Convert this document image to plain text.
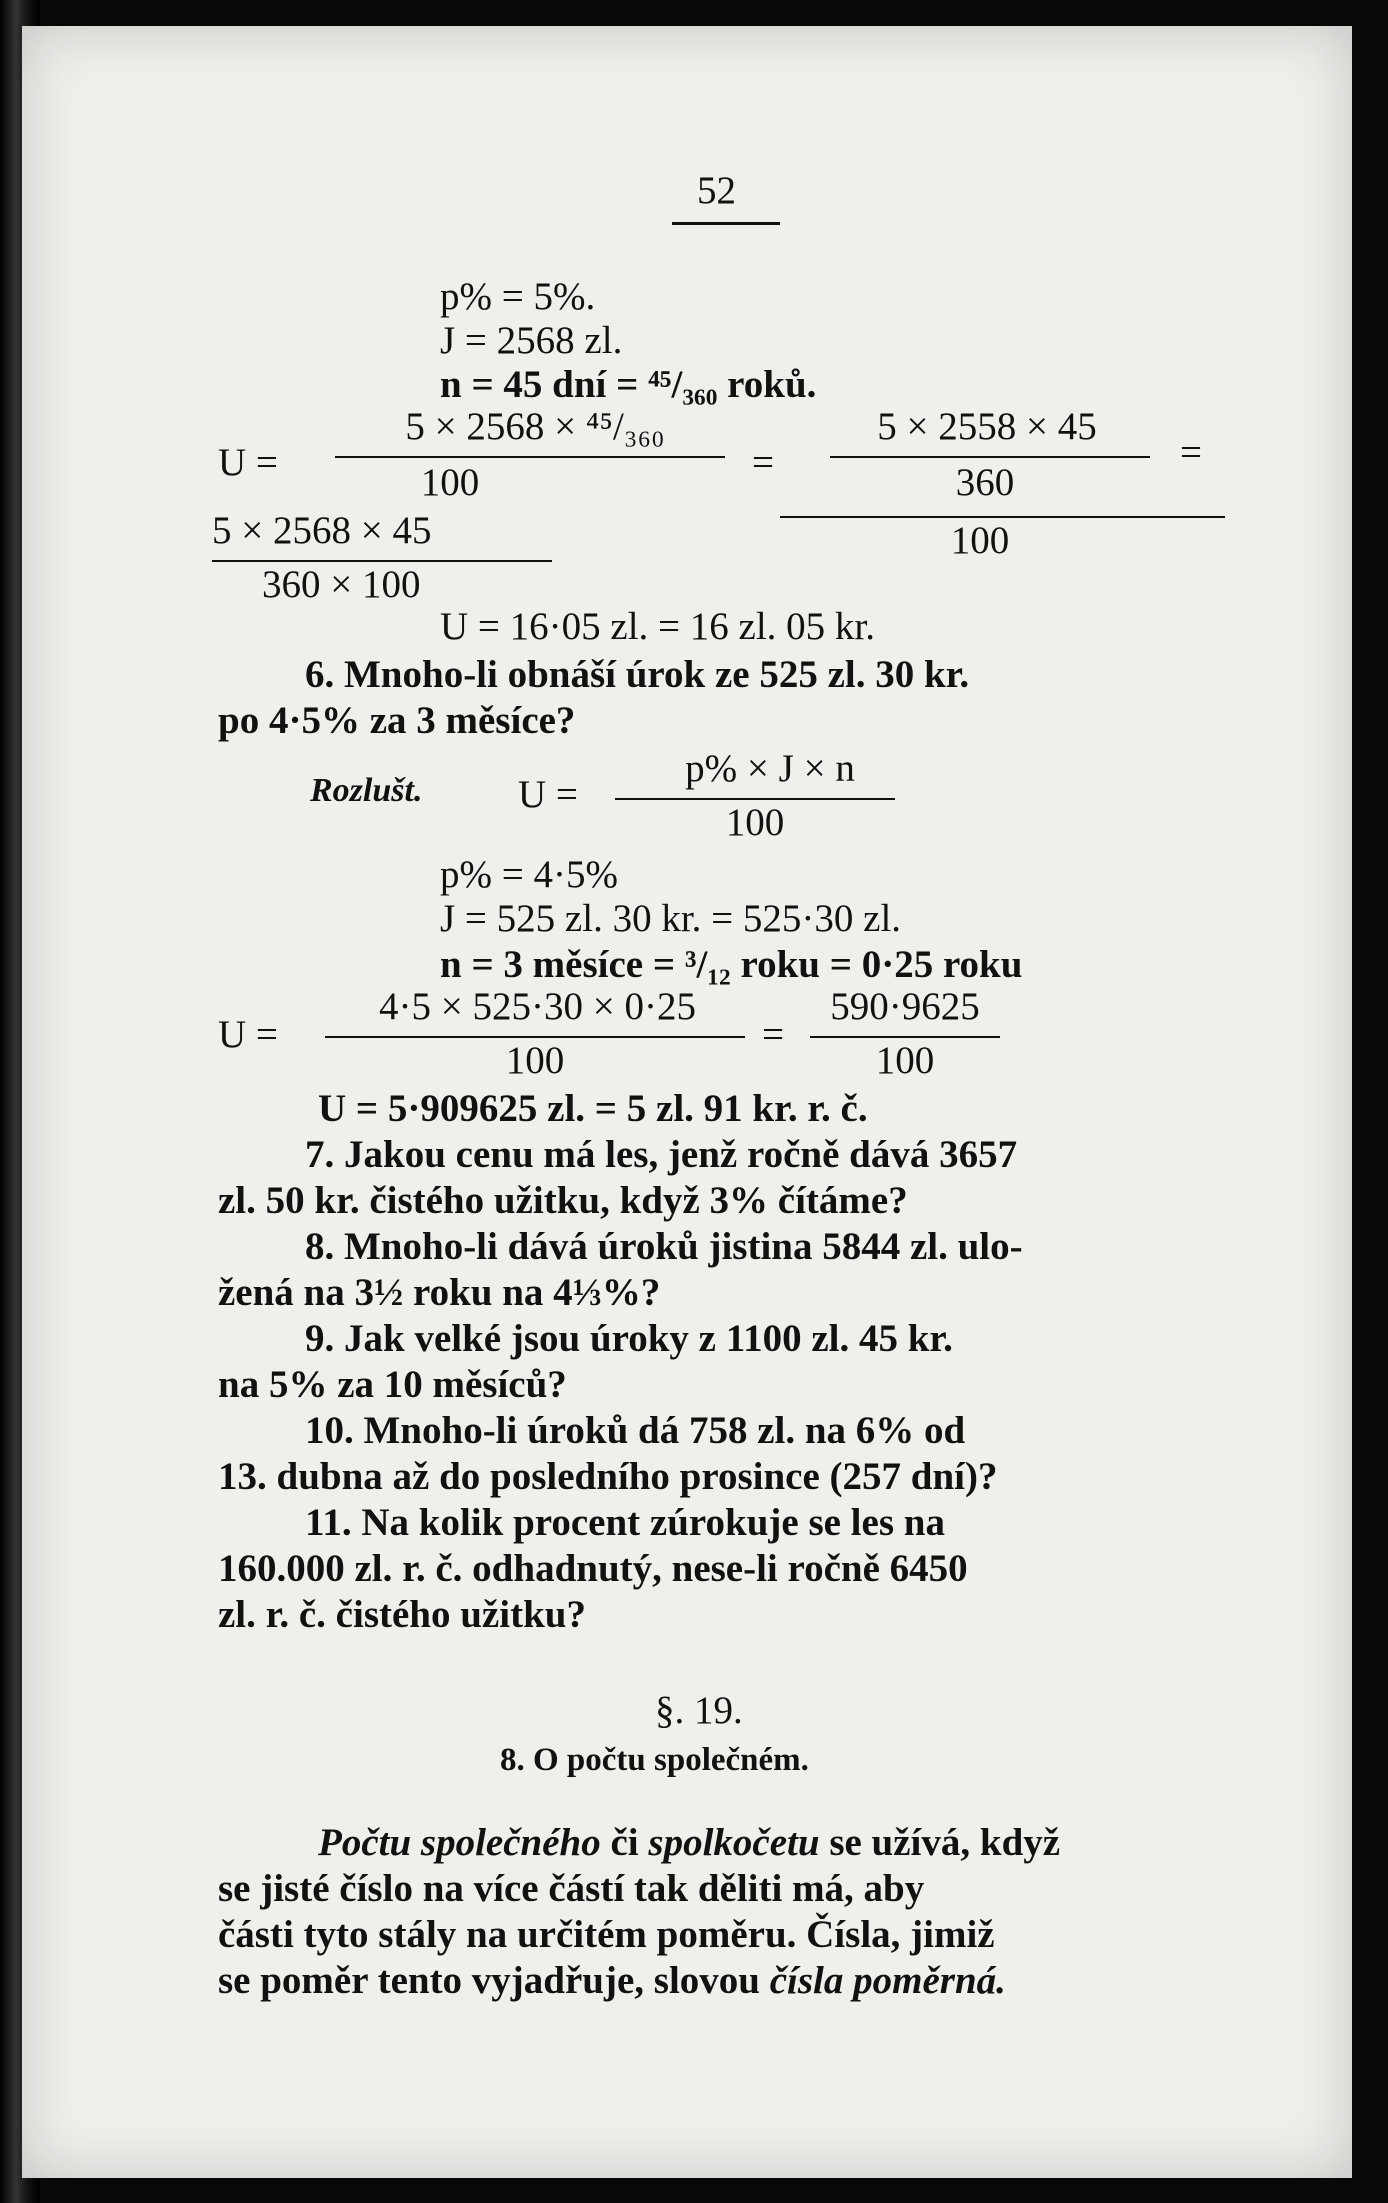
52
p% = 5%.
J = 2568 zl.
n = 45 dní = ⁴⁵/₃₆₀ roků.
U =
5 × 2568 × ⁴⁵/₃₆₀
100	=
5 × 2558 × 45
360
=
5 × 2568 × 45
360 × 100
100
U = 16·05 zl. = 16 zl. 05 kr.
6. Mnoho-li obnáší úrok ze 525 zl. 30 kr.
po 4·5% za 3 měsíce?
Rozlušt. U =
p% × J × n
100
p% = 4·5%
J = 525 zl. 30 kr. = 525·30 zl.
n = 3 měsíce = ³/₁₂ roku = 0·25 roku
U =
4·5 × 525·30 × 0·25
100
=
590·9625
100
U = 5·909625 zl. = 5 zl. 91 kr. r. č.
7. Jakou cenu má les, jenž ročně dává 3657
zl. 50 kr. čistého užitku, když 3% čítáme?
8. Mnoho-li dává úroků jistina 5844 zl. ulo-
žená na 3½ roku na 4⅓%?
9. Jak velké jsou úroky z 1100 zl. 45 kr.
na 5% za 10 měsíců?
10. Mnoho-li úroků dá 758 zl. na 6% od
13. dubna až do posledního prosince (257 dní)?
11. Na kolik procent zúrokuje se les na
160.000 zl. r. č. odhadnutý, nese-li ročně 6450
zl. r. č. čistého užitku?
§. 19.
8. O počtu společném.
Počtu společného či spolkočetu se užívá, když
se jisté číslo na více částí tak děliti má, aby
části tyto stály na určitém poměru. Čísla, jimiž
se poměr tento vyjadřuje, slovou čísla poměrná.
